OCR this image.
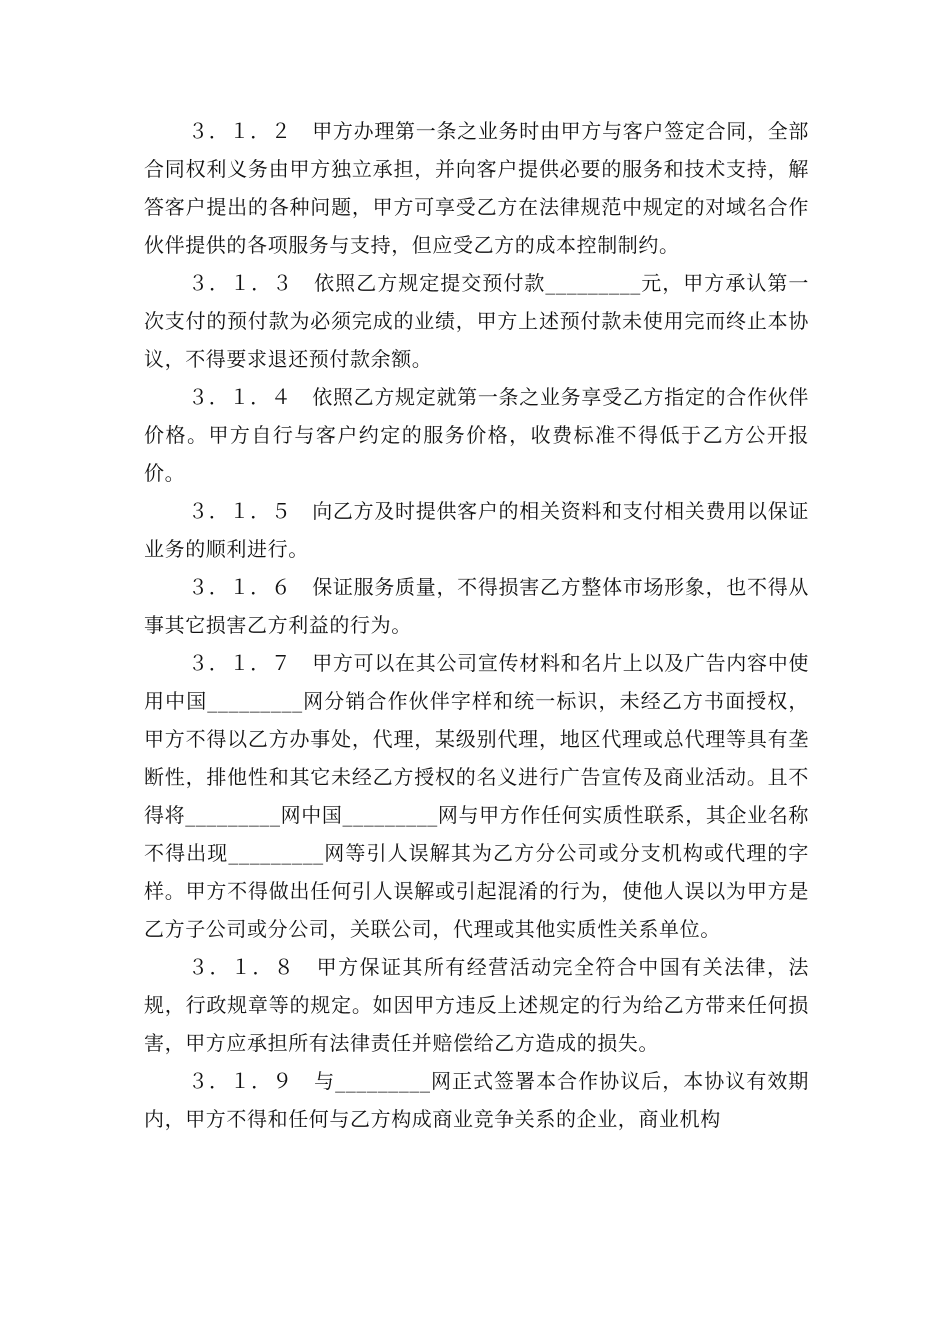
３．１．２　甲方办理第一条之业务时由甲方与客户签定合同，全部合同权利义务由甲方独立承担，并向客户提供必要的服务和技术支持，解答客户提出的各种问题，甲方可享受乙方在法律规范中规定的对域名合作伙伴提供的各项服务与支持，但应受乙方的成本控制制约。

３．１．３　依照乙方规定提交预付款_________元，甲方承认第一次支付的预付款为必须完成的业绩，甲方上述预付款未使用完而终止本协议，不得要求退还预付款余额。

３．１．４　依照乙方规定就第一条之业务享受乙方指定的合作伙伴价格。甲方自行与客户约定的服务价格，收费标准不得低于乙方公开报价。

３．１．５　向乙方及时提供客户的相关资料和支付相关费用以保证业务的顺利进行。

３．１．６　保证服务质量，不得损害乙方整体市场形象，也不得从事其它损害乙方利益的行为。

３．１．７　甲方可以在其公司宣传材料和名片上以及广告内容中使用中国_________网分销合作伙伴字样和统一标识，未经乙方书面授权，甲方不得以乙方办事处，代理，某级别代理，地区代理或总代理等具有垄断性，排他性和其它未经乙方授权的名义进行广告宣传及商业活动。且不得将_________网中国_________网与甲方作任何实质性联系，其企业名称不得出现_________网等引人误解其为乙方分公司或分支机构或代理的字样。甲方不得做出任何引人误解或引起混淆的行为，使他人误以为甲方是乙方子公司或分公司，关联公司，代理或其他实质性关系单位。

３．１．８　甲方保证其所有经营活动完全符合中国有关法律，法规，行政规章等的规定。如因甲方违反上述规定的行为给乙方带来任何损害，甲方应承担所有法律责任并赔偿给乙方造成的损失。

３．１．９　与_________网正式签署本合作协议后，本协议有效期内，甲方不得和任何与乙方构成商业竞争关系的企业，商业机构
